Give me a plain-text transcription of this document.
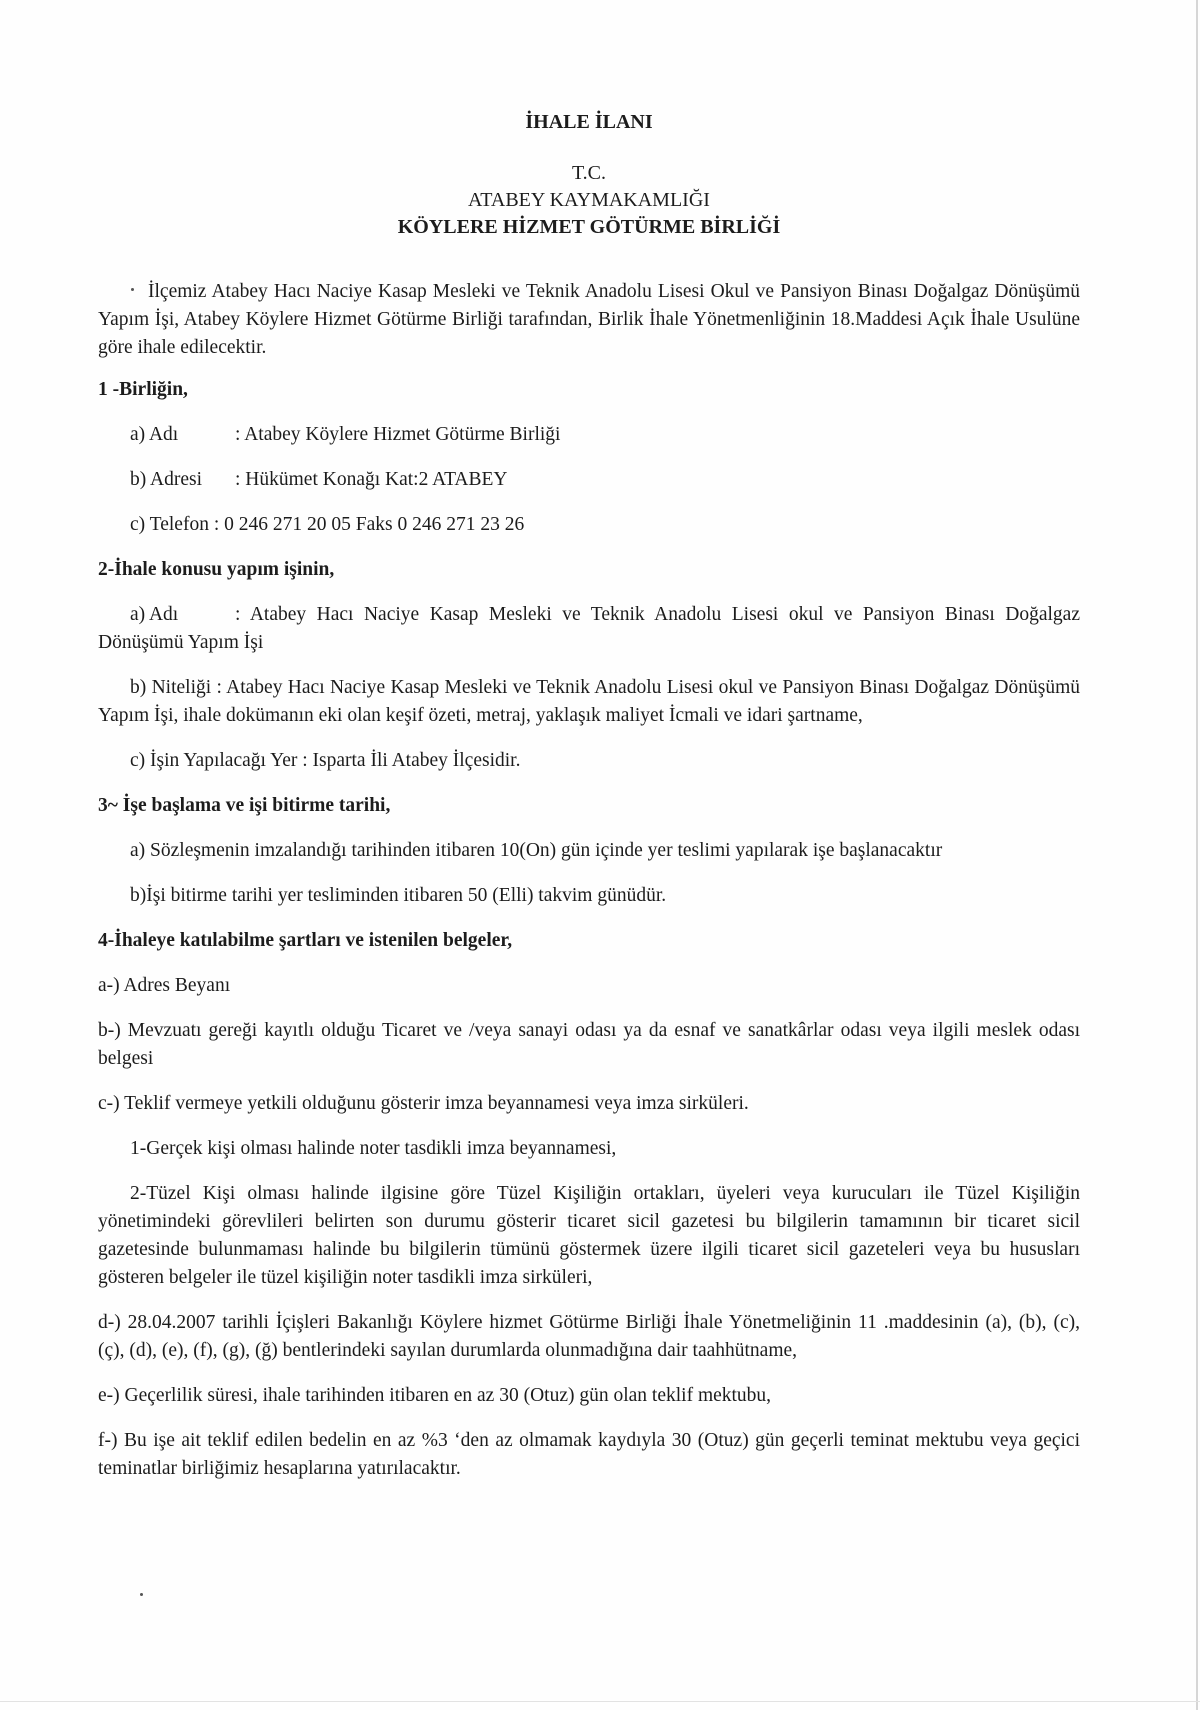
İHALE İLANI

T.C.

ATABEY KAYMAKAMLIĞI

KÖYLERE HİZMET GÖTÜRME BİRLİĞİ

İlçemiz Atabey Hacı Naciye Kasap Mesleki ve Teknik Anadolu Lisesi Okul ve Pansiyon Binası Doğalgaz Dönüşümü Yapım İşi, Atabey Köylere Hizmet Götürme Birliği tarafından, Birlik İhale Yönetmenliğinin 18.Maddesi Açık İhale Usulüne göre ihale edilecektir.

1 -Birliğin,

a) Adı	: Atabey Köylere Hizmet Götürme Birliği

b) Adresi : Hükümet Konağı Kat:2 ATABEY

c) Telefon : 0 246 271 20 05 Faks 0 246 271 23 26

2-İhale konusu yapım işinin,

a) Adı	: Atabey Hacı Naciye Kasap Mesleki ve Teknik Anadolu Lisesi okul ve Pansiyon Binası Doğalgaz Dönüşümü Yapım İşi

b) Niteliği : Atabey Hacı Naciye Kasap Mesleki ve Teknik Anadolu Lisesi okul ve Pansiyon Binası Doğalgaz Dönüşümü Yapım İşi, ihale dokümanın eki olan keşif özeti, metraj, yaklaşık maliyet İcmali ve idari şartname,

c) İşin Yapılacağı Yer : Isparta İli Atabey İlçesidir.

3~ İşe başlama ve işi bitirme tarihi,

a) Sözleşmenin imzalandığı tarihinden itibaren 10(On) gün içinde yer teslimi yapılarak işe başlanacaktır

b)İşi bitirme tarihi yer tesliminden itibaren 50 (Elli) takvim günüdür.

4-İhaleye katılabilme şartları ve istenilen belgeler,

a-) Adres Beyanı

b-) Mevzuatı gereği kayıtlı olduğu Ticaret ve /veya sanayi odası ya da esnaf ve sanatkârlar odası veya ilgili meslek odası belgesi

c-) Teklif vermeye yetkili olduğunu gösterir imza beyannamesi veya imza sirküleri.

1-Gerçek kişi olması halinde noter tasdikli imza beyannamesi,

2-Tüzel Kişi olması halinde ilgisine göre Tüzel Kişiliğin ortakları, üyeleri veya kurucuları ile Tüzel Kişiliğin yönetimindeki görevlileri belirten son durumu gösterir ticaret sicil gazetesi bu bilgilerin tamamının bir ticaret sicil gazetesinde bulunmaması halinde bu bilgilerin tümünü göstermek üzere ilgili ticaret sicil gazeteleri veya bu hususları gösteren belgeler ile tüzel kişiliğin noter tasdikli imza sirküleri,

d-) 28.04.2007 tarihli İçişleri Bakanlığı Köylere hizmet Götürme Birliği İhale Yönetmeliğinin 11 .maddesinin (a), (b), (c), (ç), (d), (e), (f), (g), (ğ) bentlerindeki sayılan durumlarda olunmadığına dair taahhütname,

e-) Geçerlilik süresi, ihale tarihinden itibaren en az 30 (Otuz) gün olan teklif mektubu,

f-) Bu işe ait teklif edilen bedelin en az %3 ‘den az olmamak kaydıyla 30 (Otuz) gün geçerli teminat mektubu veya geçici teminatlar birliğimiz hesaplarına yatırılacaktır.
